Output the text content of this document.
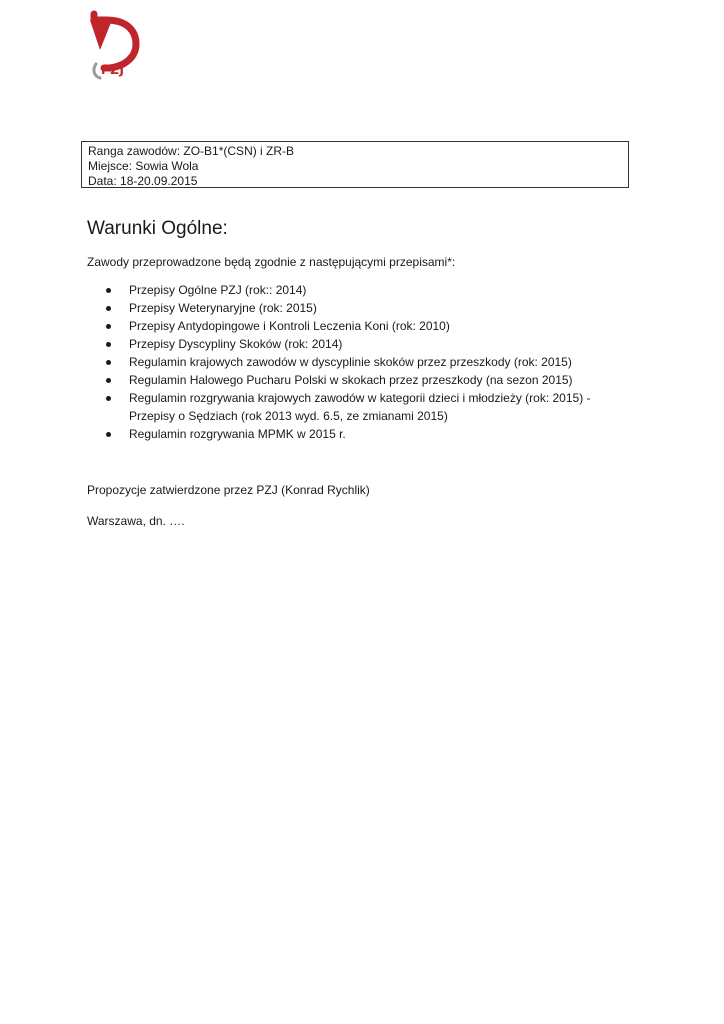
PZJ
Ranga zawodów: ZO-B1*(CSN) i ZR-B
Miejsce: Sowia Wola
Data: 18-20.09.2015
Warunki Ogólne:

Zawody przeprowadzone będą zgodnie z następującymi przepisami*:

Przepisy Ogólne PZJ (rok:: 2014)
Przepisy Weterynaryjne (rok: 2015)
Przepisy Antydopingowe i Kontroli Leczenia Koni (rok: 2010)
Przepisy Dyscypliny Skoków (rok: 2014)
Regulamin krajowych zawodów w dyscyplinie skoków przez przeszkody (rok: 2015)
Regulamin Halowego Pucharu Polski w skokach przez przeszkody (na sezon 2015)
Regulamin rozgrywania krajowych zawodów w kategorii dzieci i młodzieży (rok: 2015) -
Przepisy o Sędziach (rok 2013 wyd. 6.5, ze zmianami 2015)
Regulamin rozgrywania MPMK w 2015 r.

Propozycje zatwierdzone przez PZJ (Konrad Rychlik)

Warszawa, dn. ….
